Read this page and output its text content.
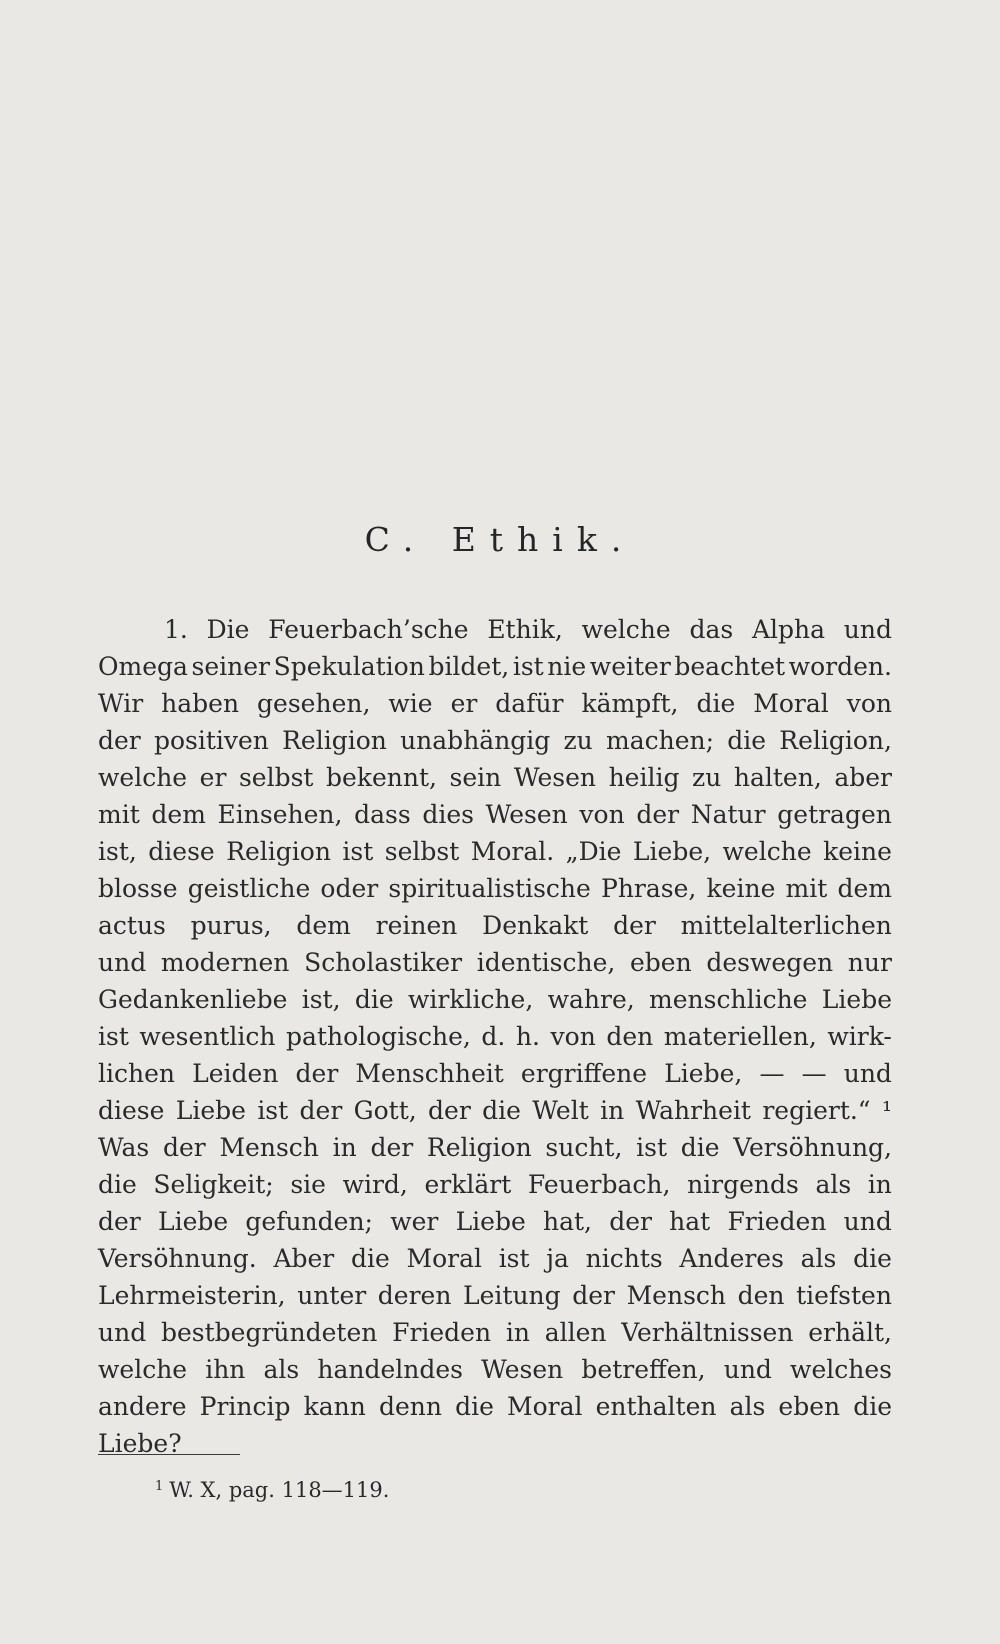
C. Ethik.
1. Die Feuerbach’sche Ethik, welche das Alpha und
Omega seiner Spekulation bildet, ist nie weiter beachtet worden.
Wir haben gesehen, wie er dafür kämpft, die Moral von
der positiven Religion unabhängig zu machen; die Religion,
welche er selbst bekennt, sein Wesen heilig zu halten, aber
mit dem Einsehen, dass dies Wesen von der Natur getragen
ist, diese Religion ist selbst Moral. „Die Liebe, welche keine
blosse geistliche oder spiritualistische Phrase, keine mit dem
actus purus, dem reinen Denkakt der mittelalterlichen
und modernen Scholastiker identische, eben deswegen nur
Gedankenliebe ist, die wirkliche, wahre, menschliche Liebe
ist wesentlich pathologische, d. h. von den materiellen, wirk-
lichen Leiden der Menschheit ergriffene Liebe, — — und
diese Liebe ist der Gott, der die Welt in Wahrheit regiert.“ ¹
Was der Mensch in der Religion sucht, ist die Versöhnung,
die Seligkeit; sie wird, erklärt Feuerbach, nirgends als in
der Liebe gefunden; wer Liebe hat, der hat Frieden und
Versöhnung. Aber die Moral ist ja nichts Anderes als die
Lehrmeisterin, unter deren Leitung der Mensch den tiefsten
und bestbegründeten Frieden in allen Verhältnissen erhält,
welche ihn als handelndes Wesen betreffen, und welches
andere Princip kann denn die Moral enthalten als eben die
Liebe?
$^1$ W. X, pag. 118—119.
